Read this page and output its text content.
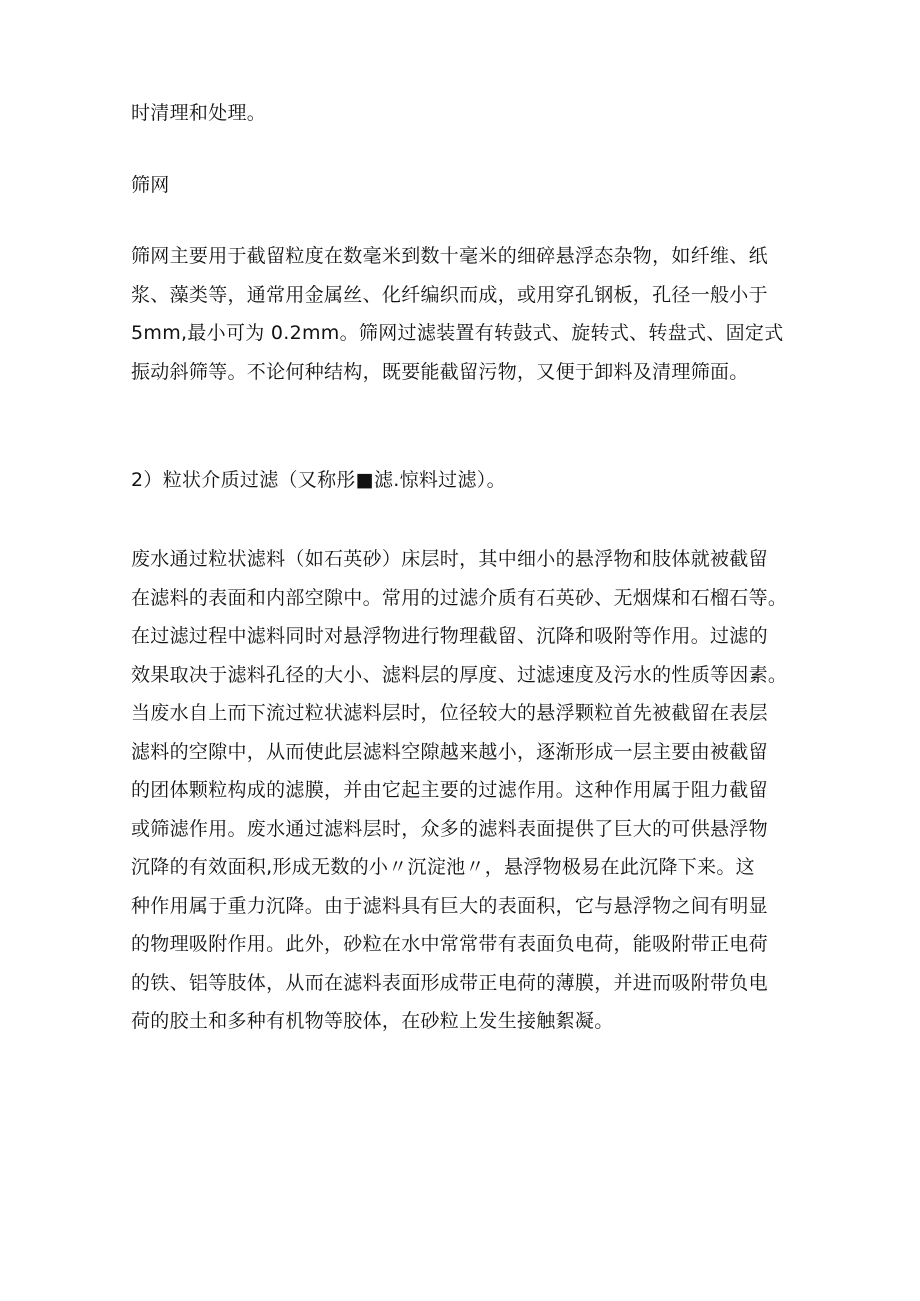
时清理和处理。

筛网

筛网主要用于截留粒度在数毫米到数十毫米的细碎悬浮态杂物，如纤维、纸
浆、藻类等，通常用金属丝、化纤编织而成，或用穿孔钢板，孔径一般小于
5mm,最小可为 0.2mm。筛网过滤装置有转鼓式、旋转式、转盘式、固定式
振动斜筛等。不论何种结构，既要能截留污物，又便于卸料及清理筛面。

2）粒状介质过滤（又称彤■滤.惊料过滤）。

废水通过粒状滤料（如石英砂）床层时，其中细小的悬浮物和肢体就被截留
在滤料的表面和内部空隙中。常用的过滤介质有石英砂、无烟煤和石榴石等。
在过滤过程中滤料同时对悬浮物进行物理截留、沉降和吸附等作用。过滤的
效果取决于滤料孔径的大小、滤料层的厚度、过滤速度及污水的性质等因素。
当废水自上而下流过粒状滤料层时，位径较大的悬浮颗粒首先被截留在表层
滤料的空隙中，从而使此层滤料空隙越来越小，逐渐形成一层主要由被截留
的团体颗粒构成的滤膜，并由它起主要的过滤作用。这种作用属于阻力截留
或筛滤作用。废水通过滤料层时，众多的滤料表面提供了巨大的可供悬浮物
沉降的有效面积,形成无数的小〃沉淀池〃，悬浮物极易在此沉降下来。这
种作用属于重力沉降。由于滤料具有巨大的表面积，它与悬浮物之间有明显
的物理吸附作用。此外，砂粒在水中常常带有表面负电荷，能吸附带正电荷
的铁、铝等肢体，从而在滤料表面形成带正电荷的薄膜，并进而吸附带负电
荷的胶土和多种有机物等胶体，在砂粒上发生接触絮凝。
